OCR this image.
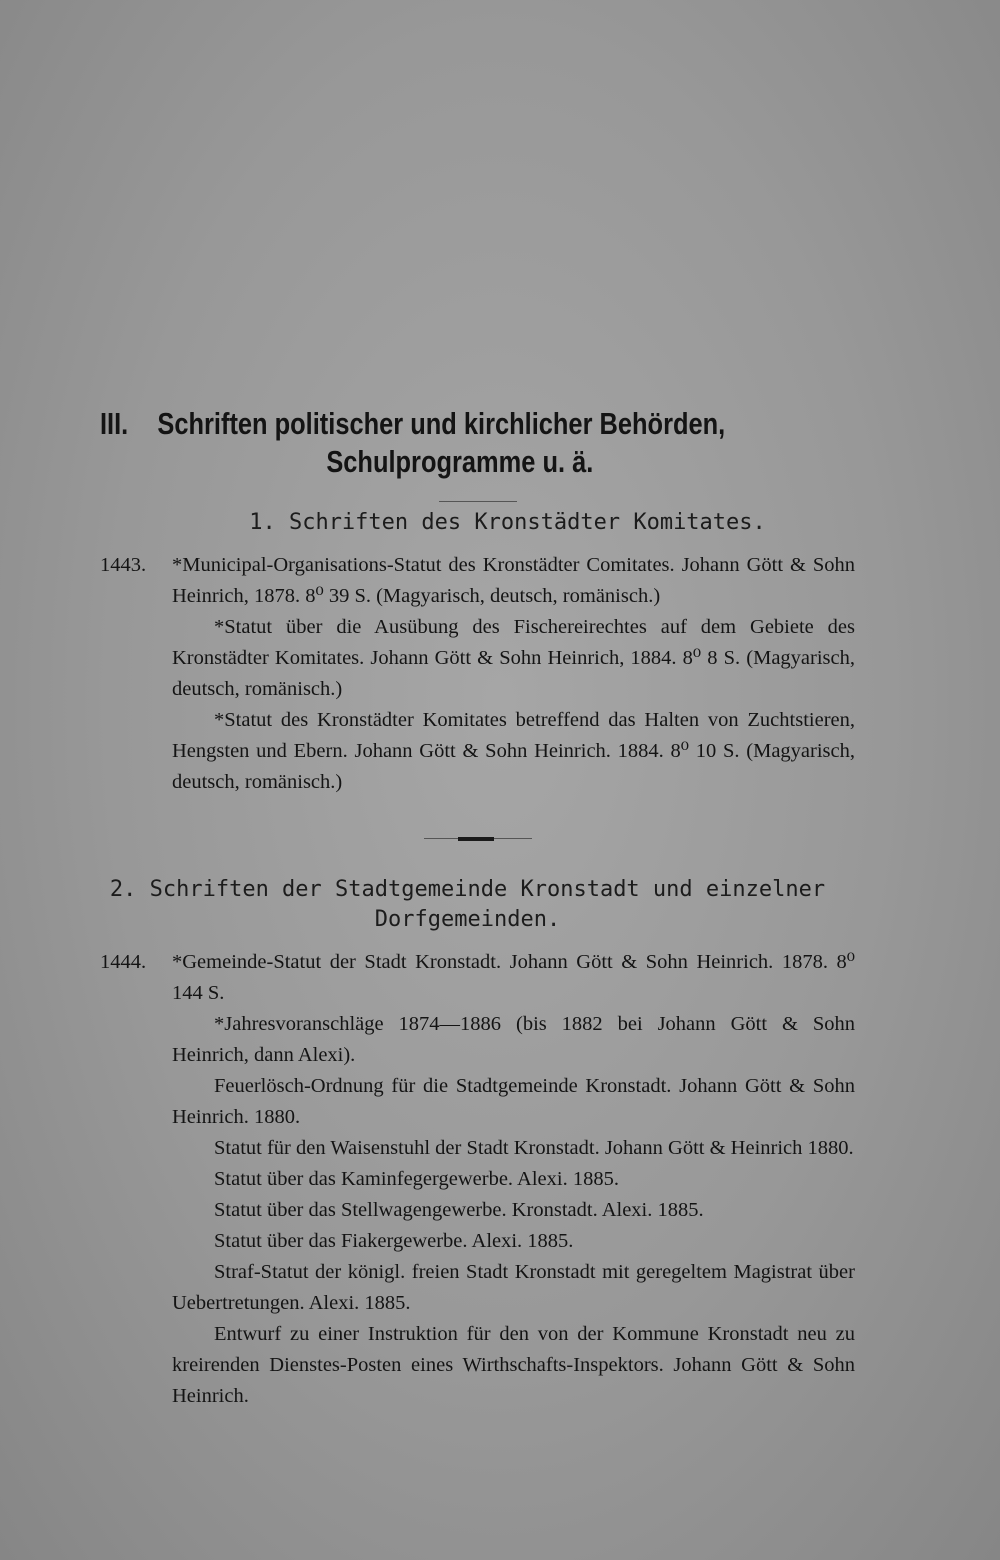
III. Schriften politischer und kirchlicher Behörden,
Schulprogramme u. ä.
1. Schriften des Kronstädter Komitates.

1443. *Municipal-Organisations-Statut des Kronstädter Comitates. Johann Gött & Sohn Heinrich, 1878. 8⁰ 39 S. (Magyarisch, deutsch, romänisch.)

*Statut über die Ausübung des Fischereirechtes auf dem Gebiete des Kronstädter Komitates. Johann Gött & Sohn Heinrich, 1884. 8⁰ 8 S. (Magyarisch, deutsch, romänisch.)

*Statut des Kronstädter Komitates betreffend das Halten von Zuchtstieren, Hengsten und Ebern. Johann Gött & Sohn Heinrich. 1884. 8⁰ 10 S. (Magyarisch, deutsch, romänisch.)

2. Schriften der Stadtgemeinde Kronstadt und einzelner Dorfgemeinden.

1444. *Gemeinde-Statut der Stadt Kronstadt. Johann Gött & Sohn Heinrich. 1878. 8⁰ 144 S.

*Jahresvoranschläge 1874—1886 (bis 1882 bei Johann Gött & Sohn Heinrich, dann Alexi).

Feuerlösch-Ordnung für die Stadtgemeinde Kronstadt. Johann Gött & Sohn Heinrich. 1880.

Statut für den Waisenstuhl der Stadt Kronstadt. Johann Gött & Heinrich 1880.

Statut über das Kaminfegergewerbe. Alexi. 1885.

Statut über das Stellwagengewerbe. Kronstadt. Alexi. 1885.

Statut über das Fiakergewerbe. Alexi. 1885.

Straf-Statut der königl. freien Stadt Kronstadt mit geregeltem Magistrat über Uebertretungen. Alexi. 1885.

Entwurf zu einer Instruktion für den von der Kommune Kronstadt neu zu kreirenden Dienstes-Posten eines Wirthschafts-Inspektors. Johann Gött & Sohn Heinrich.
